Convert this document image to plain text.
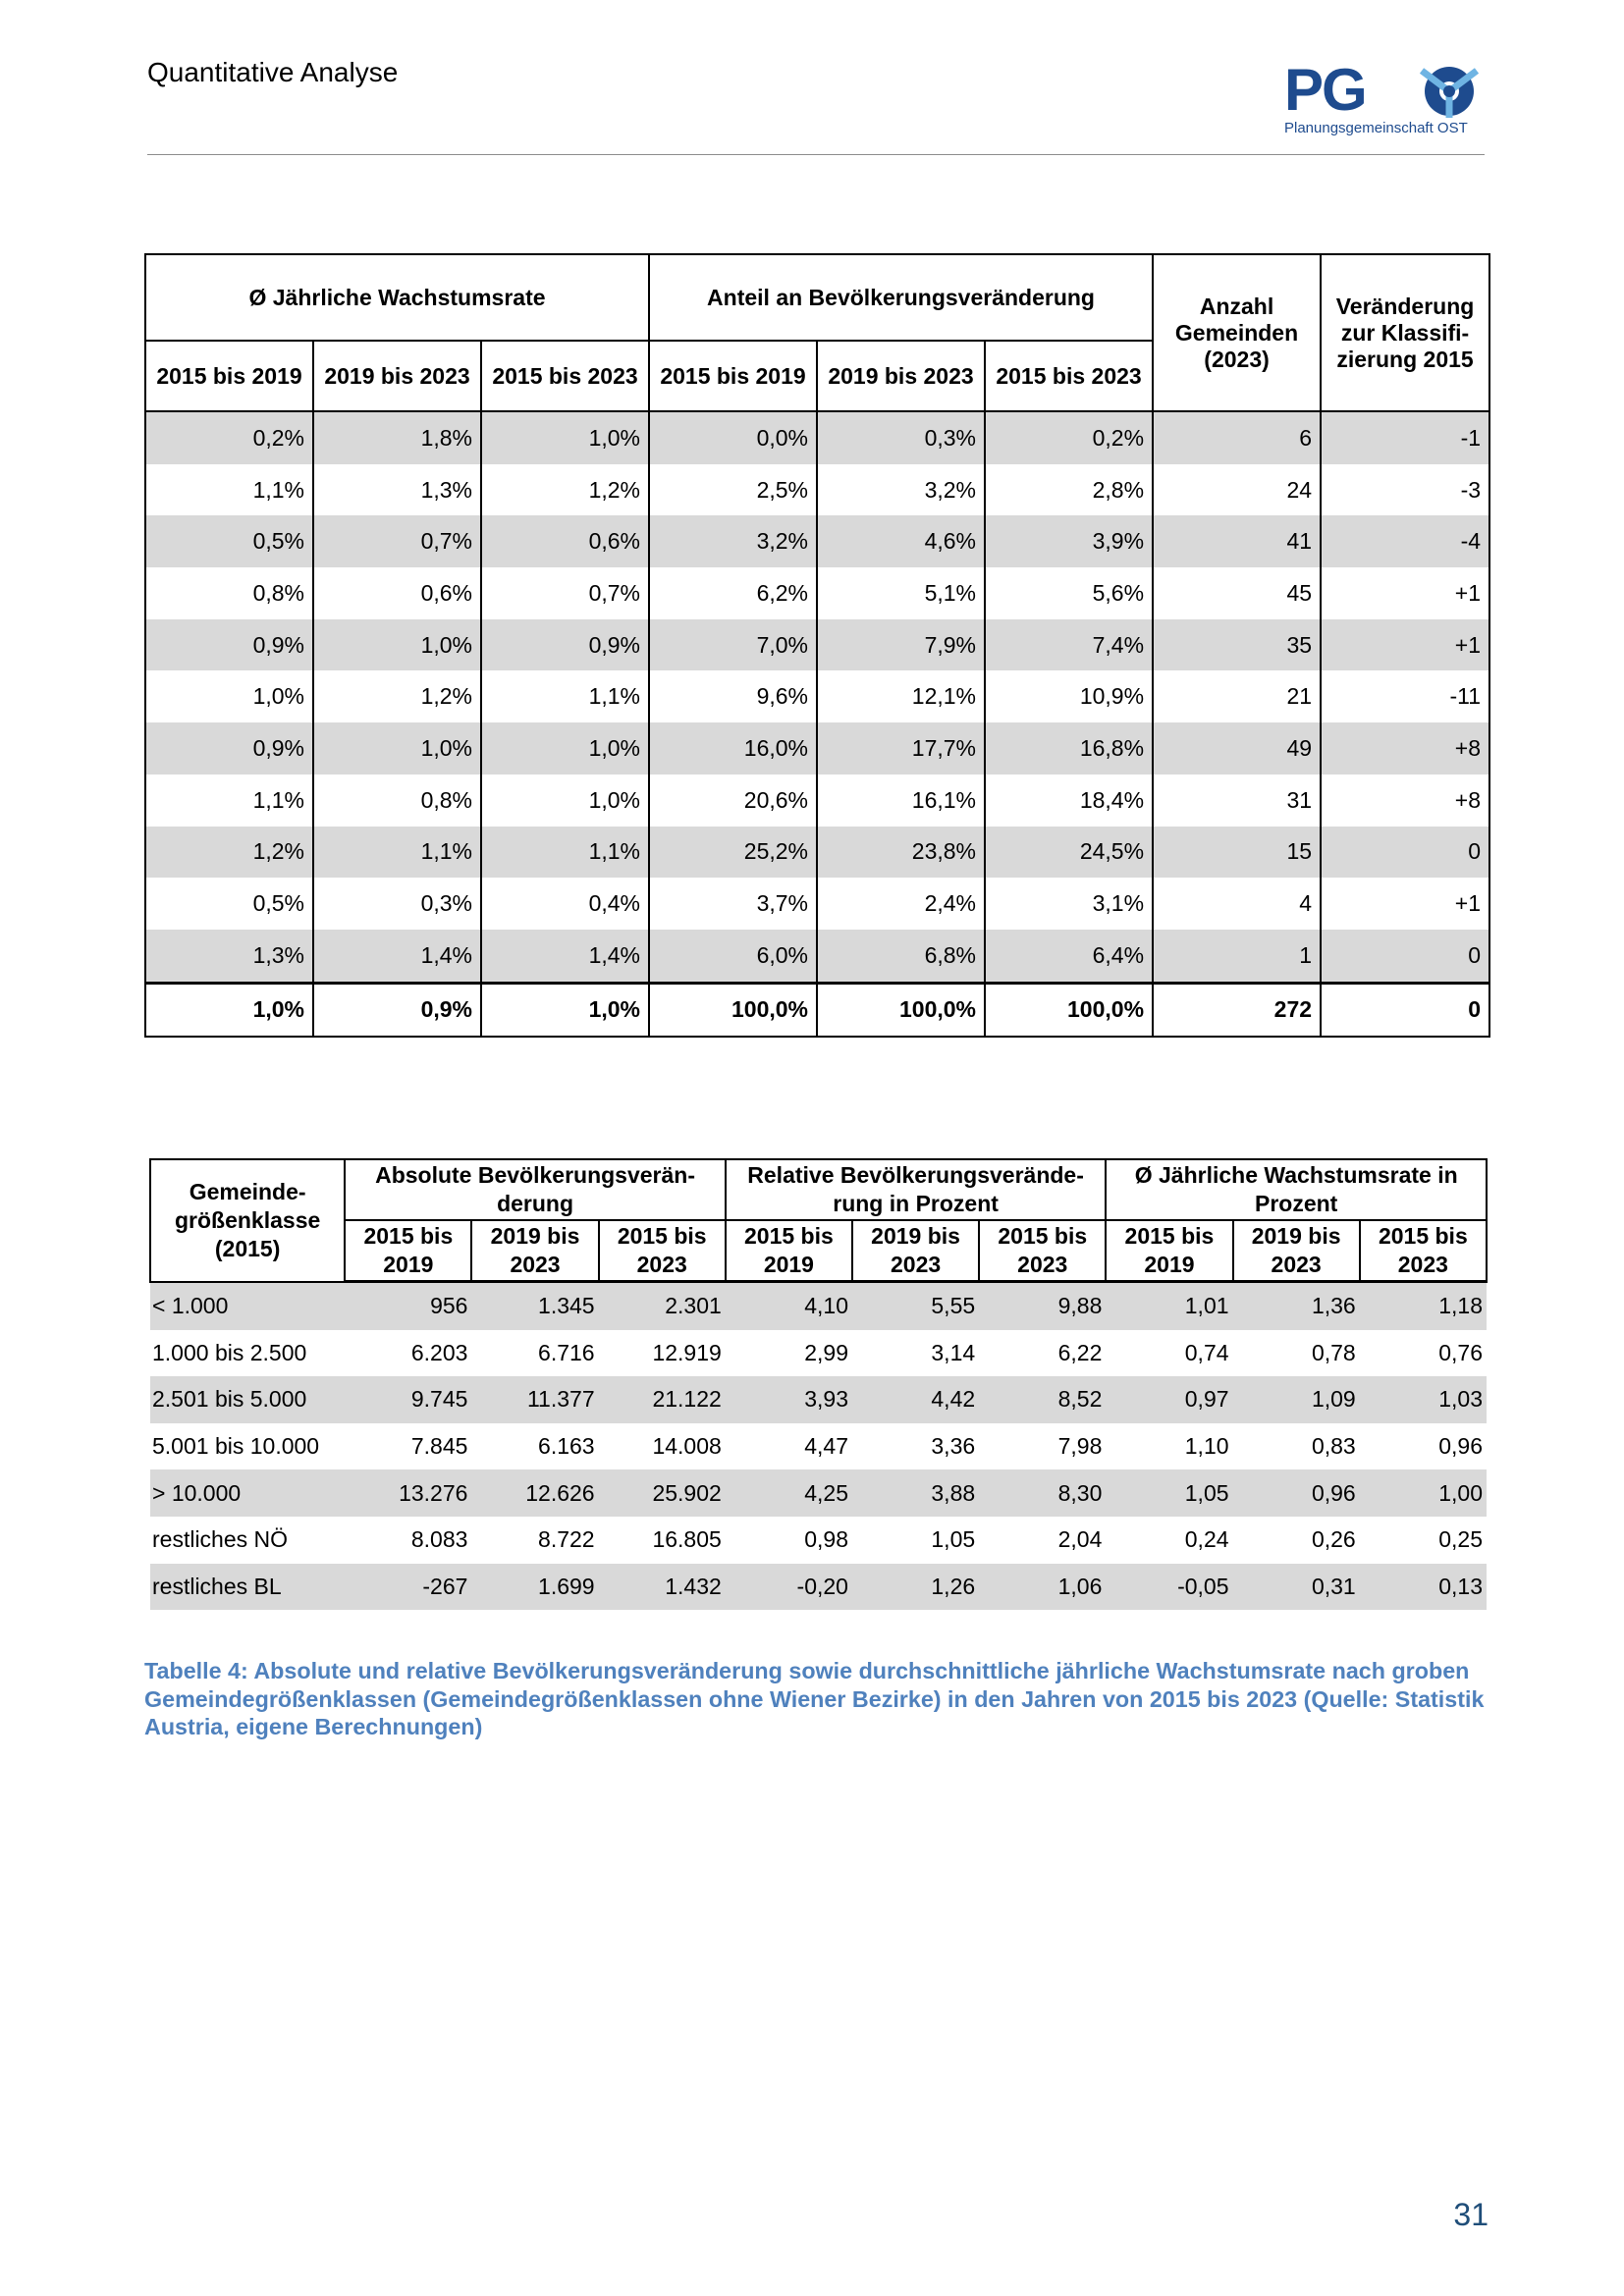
Quantitative Analyse	PG
Planungsgemeinschaft OST
Ø Jährliche Wachstumsrate			Anteil an Bevölkerungsveränderung			Anzahl Gemeinden (2023)	Veränderung zur Klassifi-zierung 2015
2015 bis 2019	2019 bis 2023	2015 bis 2023	2015 bis 2019	2019 bis 2023	2015 bis 2023		
0,2%	1,8%	1,0%	0,0%	0,3%	0,2%	6	-1
1,1%	1,3%	1,2%	2,5%	3,2%	2,8%	24	-3
0,5%	0,7%	0,6%	3,2%	4,6%	3,9%	41	-4
0,8%	0,6%	0,7%	6,2%	5,1%	5,6%	45	+1
0,9%	1,0%	0,9%	7,0%	7,9%	7,4%	35	+1
1,0%	1,2%	1,1%	9,6%	12,1%	10,9%	21	-11
0,9%	1,0%	1,0%	16,0%	17,7%	16,8%	49	+8
1,1%	0,8%	1,0%	20,6%	16,1%	18,4%	31	+8
1,2%	1,1%	1,1%	25,2%	23,8%	24,5%	15	0
0,5%	0,3%	0,4%	3,7%	2,4%	3,1%	4	+1
1,3%	1,4%	1,4%	6,0%	6,8%	6,4%	1	0
1,0%	0,9%	1,0%	100,0%	100,0%	100,0%	272	0
Gemeinde-größenklasse (2015)	Absolute Bevölkerungsverän-derung			Relative Bevölkerungsverände-rung in Prozent			Ø Jährliche Wachstumsrate in Prozent		
	2015 bis 2019	2019 bis 2023	2015 bis 2023	2015 bis 2019	2019 bis 2023	2015 bis 2023	2015 bis 2019	2019 bis 2023	2015 bis 2023
< 1.000	956	1.345	2.301	4,10	5,55	9,88	1,01	1,36	1,18
1.000 bis 2.500	6.203	6.716	12.919	2,99	3,14	6,22	0,74	0,78	0,76
2.501 bis 5.000	9.745	11.377	21.122	3,93	4,42	8,52	0,97	1,09	1,03
5.001 bis 10.000	7.845	6.163	14.008	4,47	3,36	7,98	1,10	0,83	0,96
> 10.000	13.276	12.626	25.902	4,25	3,88	8,30	1,05	0,96	1,00
restliches NÖ	8.083	8.722	16.805	0,98	1,05	2,04	0,24	0,26	0,25
restliches BL	-267	1.699	1.432	-0,20	1,26	1,06	-0,05	0,31	0,13
Tabelle 4: Absolute und relative Bevölkerungsveränderung sowie durchschnittliche jährliche Wachstumsrate nach groben Gemeindegrößenklassen (Gemeindegrößenklassen ohne Wiener Bezirke) in den Jahren von 2015 bis 2023 (Quelle: Statistik Austria, eigene Berechnungen)
31
